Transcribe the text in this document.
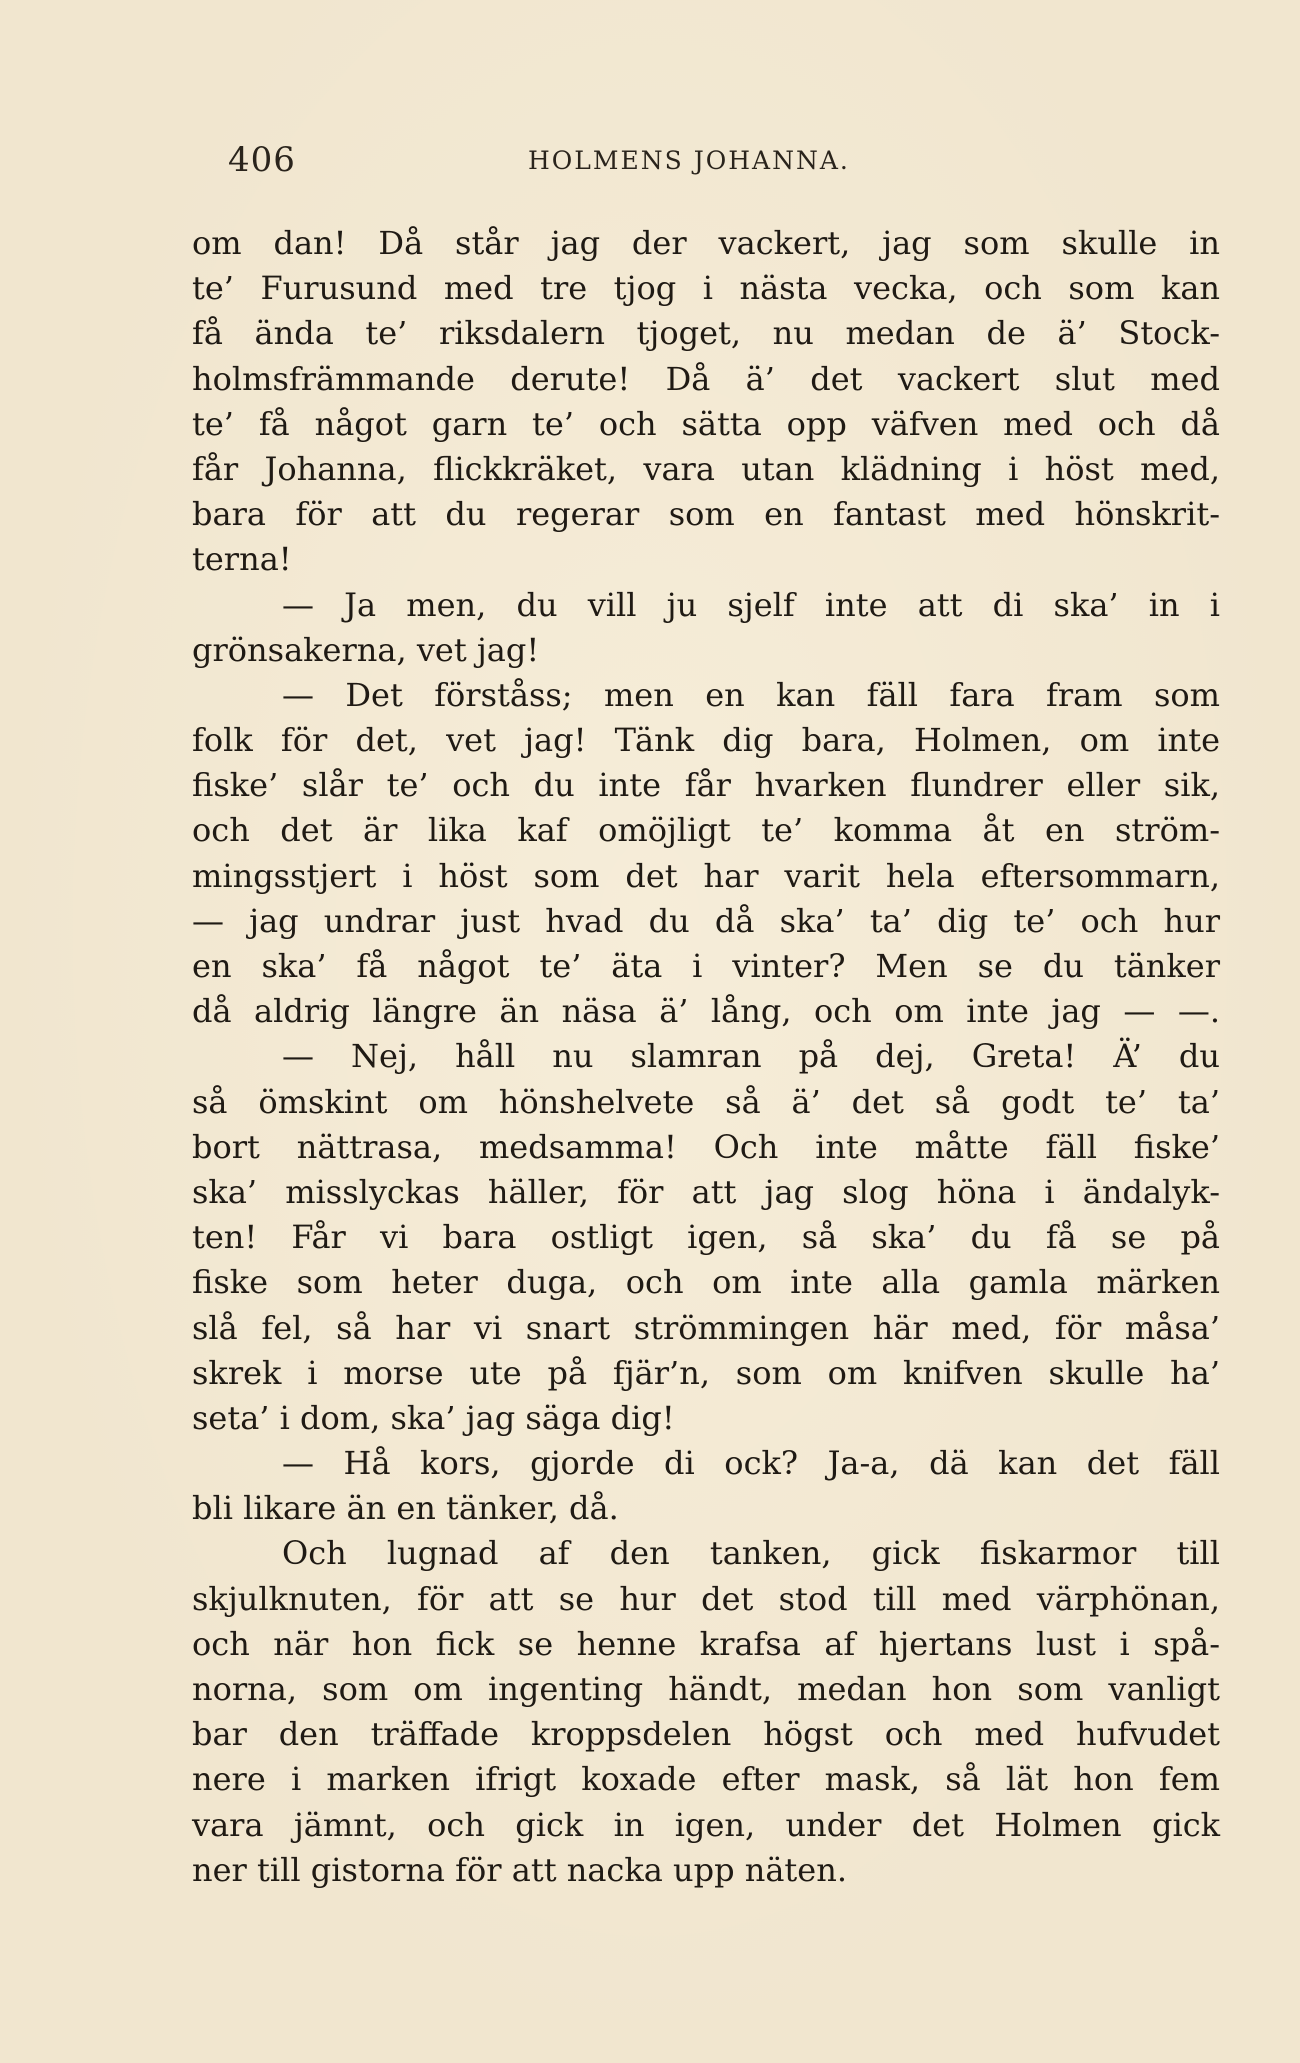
406	HOLMENS JOHANNA.
om dan! Då står jag der vackert, jag som skulle in
te’ Furusund med tre tjog i nästa vecka, och som kan
få ända te’ riksdalern tjoget, nu medan de ä’ Stock-
holmsfrämmande derute! Då ä’ det vackert slut med
te’ få något garn te’ och sätta opp väfven med och då
får Johanna, flickkräket, vara utan klädning i höst med,
bara för att du regerar som en fantast med hönskrit-
terna!
— Ja men, du vill ju sjelf inte att di ska’ in i
grönsakerna, vet jag!
— Det förståss; men en kan fäll fara fram som
folk för det, vet jag! Tänk dig bara, Holmen, om inte
fiske’ slår te’ och du inte får hvarken flundrer eller sik,
och det är lika kaf omöjligt te’ komma åt en ström-
mingsstjert i höst som det har varit hela eftersommarn,
— jag undrar just hvad du då ska’ ta’ dig te’ och hur
en ska’ få något te’ äta i vinter? Men se du tänker
då aldrig längre än näsa ä’ lång, och om inte jag — —.
— Nej, håll nu slamran på dej, Greta! Ä’ du
så ömskint om hönshelvete så ä’ det så godt te’ ta’
bort nättrasa, medsamma! Och inte måtte fäll fiske’
ska’ misslyckas häller, för att jag slog höna i ändalyk-
ten! Får vi bara ostligt igen, så ska’ du få se på
fiske som heter duga, och om inte alla gamla märken
slå fel, så har vi snart strömmingen här med, för måsa’
skrek i morse ute på fjär’n, som om knifven skulle ha’
seta’ i dom, ska’ jag säga dig!
— Hå kors, gjorde di ock? Ja-a, dä kan det fäll
bli likare än en tänker, då.
Och lugnad af den tanken, gick fiskarmor till
skjulknuten, för att se hur det stod till med värphönan,
och när hon fick se henne krafsa af hjertans lust i spå-
norna, som om ingenting händt, medan hon som vanligt
bar den träffade kroppsdelen högst och med hufvudet
nere i marken ifrigt koxade efter mask, så lät hon fem
vara jämnt, och gick in igen, under det Holmen gick
ner till gistorna för att nacka upp näten.
